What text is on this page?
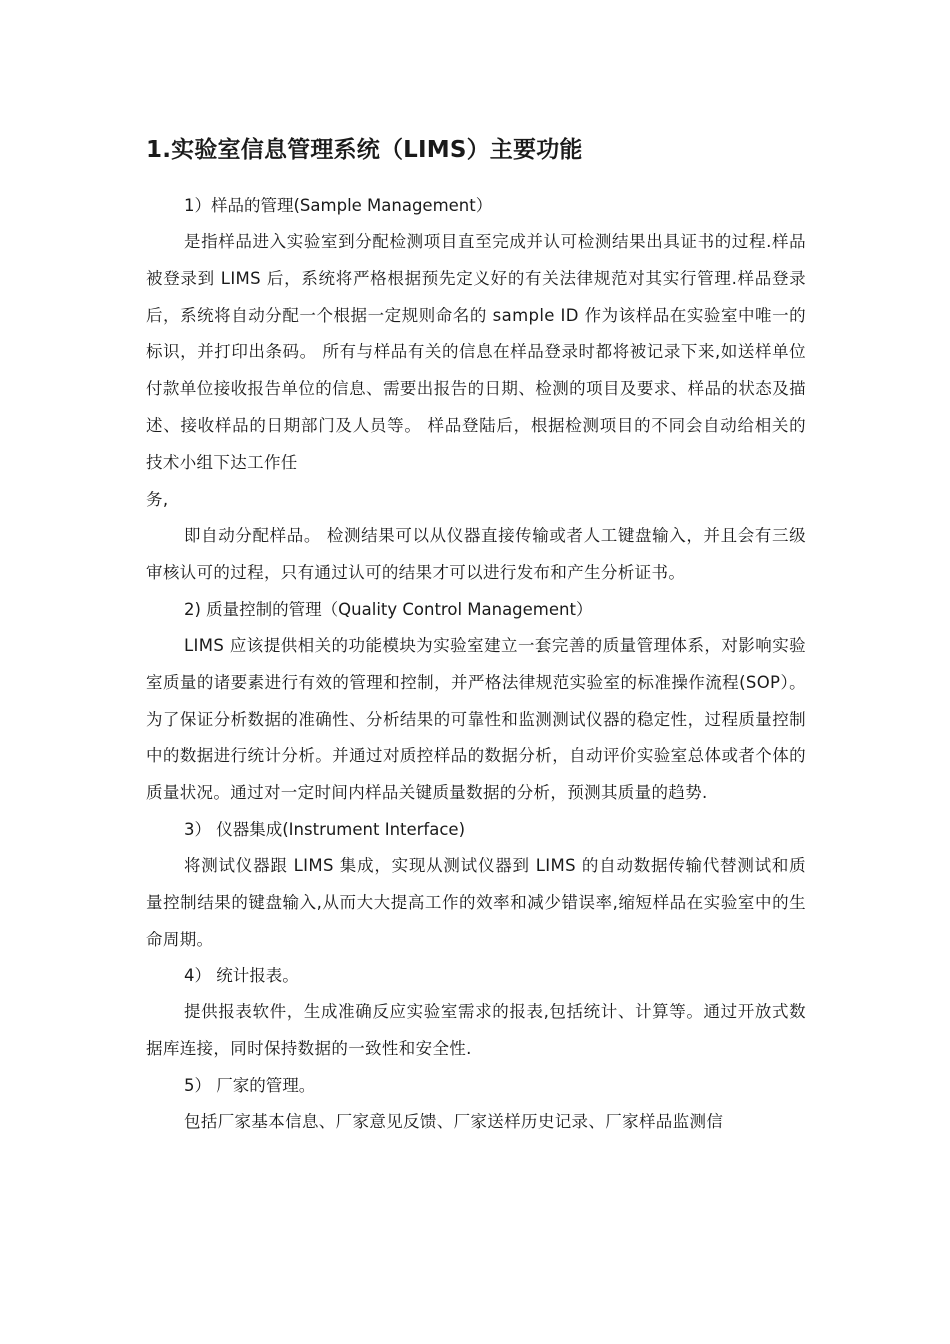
1.实验室信息管理系统（LIMS）主要功能

1）样品的管理(Sample Management）

是指样品进入实验室到分配检测项目直至完成并认可检测结果出具证书的过程.样品被登录到 LIMS 后，系统将严格根据预先定义好的有关法律规范对其实行管理.样品登录后，系统将自动分配一个根据一定规则命名的 sample ID 作为该样品在实验室中唯一的标识，并打印出条码。 所有与样品有关的信息在样品登录时都将被记录下来,如送样单位付款单位接收报告单位的信息、需要出报告的日期、检测的项目及要求、样品的状态及描述、接收样品的日期部门及人员等。 样品登陆后，根据检测项目的不同会自动给相关的技术小组下达工作任

务,

即自动分配样品。 检测结果可以从仪器直接传输或者人工键盘输入，并且会有三级审核认可的过程，只有通过认可的结果才可以进行发布和产生分析证书。

2) 质量控制的管理（Quality Control Management）

LIMS 应该提供相关的功能模块为实验室建立一套完善的质量管理体系，对影响实验室质量的诸要素进行有效的管理和控制，并严格法律规范实验室的标准操作流程(SOP）。为了保证分析数据的准确性、分析结果的可靠性和监测测试仪器的稳定性，过程质量控制中的数据进行统计分析。并通过对质控样品的数据分析，自动评价实验室总体或者个体的质量状况。通过对一定时间内样品关键质量数据的分析，预测其质量的趋势.

3） 仪器集成(Instrument Interface)

将测试仪器跟 LIMS 集成，实现从测试仪器到 LIMS 的自动数据传输代替测试和质量控制结果的键盘输入,从而大大提高工作的效率和减少错误率,缩短样品在实验室中的生命周期。

4） 统计报表。

提供报表软件，生成准确反应实验室需求的报表,包括统计、计算等。通过开放式数据库连接，同时保持数据的一致性和安全性.

5） 厂家的管理。

包括厂家基本信息、厂家意见反馈、厂家送样历史记录、厂家样品监测信
